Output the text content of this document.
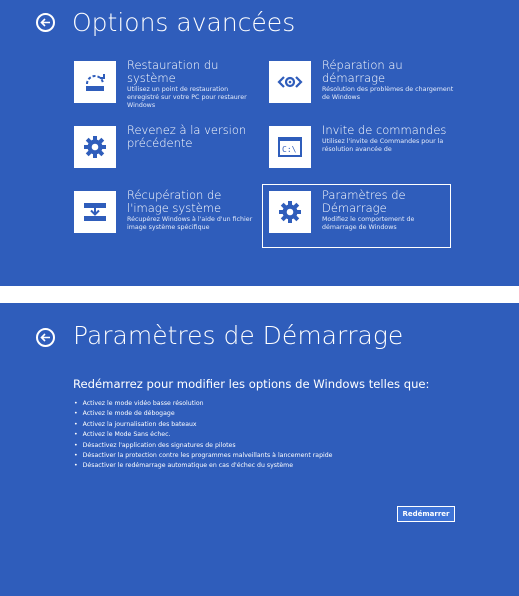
Options avancées
Restauration du système
Utilisez un point de restauration enregistré sur votre PC pour restaurer Windows
Réparation au démarrage
Résolution des problèmes de chargement de Windows
Revenez à la version précédente	C:\
Invite de commandes
Utilisez l'invite de Commandes pour la résolution avancée de
Récupération de l'image système
Récupérez Windows à l'aide d'un fichier image système spécifique
Paramètres de Démarrage
Modifiez le comportement de démarrage de Windows
Paramètres de Démarrage
Redémarrez pour modifier les options de Windows telles que:
• Activez le mode vidéo basse résolution
• Activez le mode de débogage
• Activez la journalisation des bateaux
• Activez le Mode Sans échec.
• Désactivez l'application des signatures de pilotes
• Désactiver la protection contre les programmes malveillants à lancement rapide
• Désactiver le redémarrage automatique en cas d'échec du système
Redémarrer
